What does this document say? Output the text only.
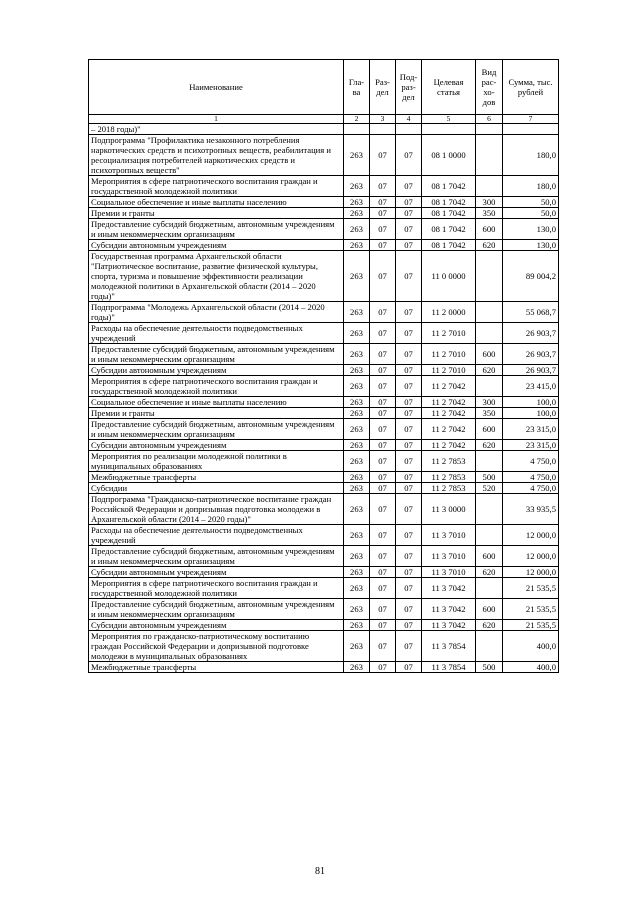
Наименование	Гла-ва	Раз-дел	Под-раз-дел	Целевая статья	Вид рас-хо-дов	Сумма, тыс. рублей
1	2	3	4	5	6	7
– 2018 годы)"						
Подпрограмма "Профилактика незаконного потребления наркотических средств и психотропных веществ, реабилитация и ресоциализация потребителей наркотических средств и психотропных веществ"	263	07	07	08 1 0000		180,0
Мероприятия в сфере патриотического воспитания граждан и государственной молодежной политики	263	07	07	08 1 7042		180,0
Социальное обеспечение и иные выплаты населению	263	07	07	08 1 7042	300	50,0
Премии и гранты	263	07	07	08 1 7042	350	50,0
Предоставление субсидий бюджетным, автономным учреждениям и иным некоммерческим организациям	263	07	07	08 1 7042	600	130,0
Субсидии автономным учреждениям	263	07	07	08 1 7042	620	130,0
Государственная программа Архангельской области "Патриотическое воспитание, развитие физической культуры, спорта, туризма и повышение эффективности реализации молодежной политики в Архангельской области (2014 – 2020 годы)"	263	07	07	11 0 0000		89 004,2
Подпрограмма "Молодежь Архангельской области (2014 – 2020 годы)"	263	07	07	11 2 0000		55 068,7
Расходы на обеспечение деятельности подведомственных учреждений	263	07	07	11 2 7010		26 903,7
Предоставление субсидий бюджетным, автономным учреждениям и иным некоммерческим организациям	263	07	07	11 2 7010	600	26 903,7
Субсидии автономным учреждениям	263	07	07	11 2 7010	620	26 903,7
Мероприятия в сфере патриотического воспитания граждан и государственной молодежной политики	263	07	07	11 2 7042		23 415,0
Социальное обеспечение и иные выплаты населению	263	07	07	11 2 7042	300	100,0
Премии и гранты	263	07	07	11 2 7042	350	100,0
Предоставление субсидий бюджетным, автономным учреждениям и иным некоммерческим организациям	263	07	07	11 2 7042	600	23 315,0
Субсидии автономным учреждениям	263	07	07	11 2 7042	620	23 315,0
Мероприятия по реализации молодежной политики в муниципальных образованиях	263	07	07	11 2 7853		4 750,0
Межбюджетные трансферты	263	07	07	11 2 7853	500	4 750,0
Субсидии	263	07	07	11 2 7853	520	4 750,0
Подпрограмма "Гражданско-патриотическое воспитание граждан Российской Федерации и допризывная подготовка молодежи в Архангельской области (2014 – 2020 годы)"	263	07	07	11 3 0000		33 935,5
Расходы на обеспечение деятельности подведомственных учреждений	263	07	07	11 3 7010		12 000,0
Предоставление субсидий бюджетным, автономным учреждениям и иным некоммерческим организациям	263	07	07	11 3 7010	600	12 000,0
Субсидии автономным учреждениям	263	07	07	11 3 7010	620	12 000,0
Мероприятия в сфере патриотического воспитания граждан и государственной молодежной политики	263	07	07	11 3 7042		21 535,5
Предоставление субсидий бюджетным, автономным учреждениям и иным некоммерческим организациям	263	07	07	11 3 7042	600	21 535,5
Субсидии автономным учреждениям	263	07	07	11 3 7042	620	21 535,5
Мероприятия по гражданско-патриотическому воспитанию граждан Российской Федерации и допризывной подготовке молодежи в муниципальных образованиях	263	07	07	11 3 7854		400,0
Межбюджетные трансферты	263	07	07	11 3 7854	500	400,0
81
